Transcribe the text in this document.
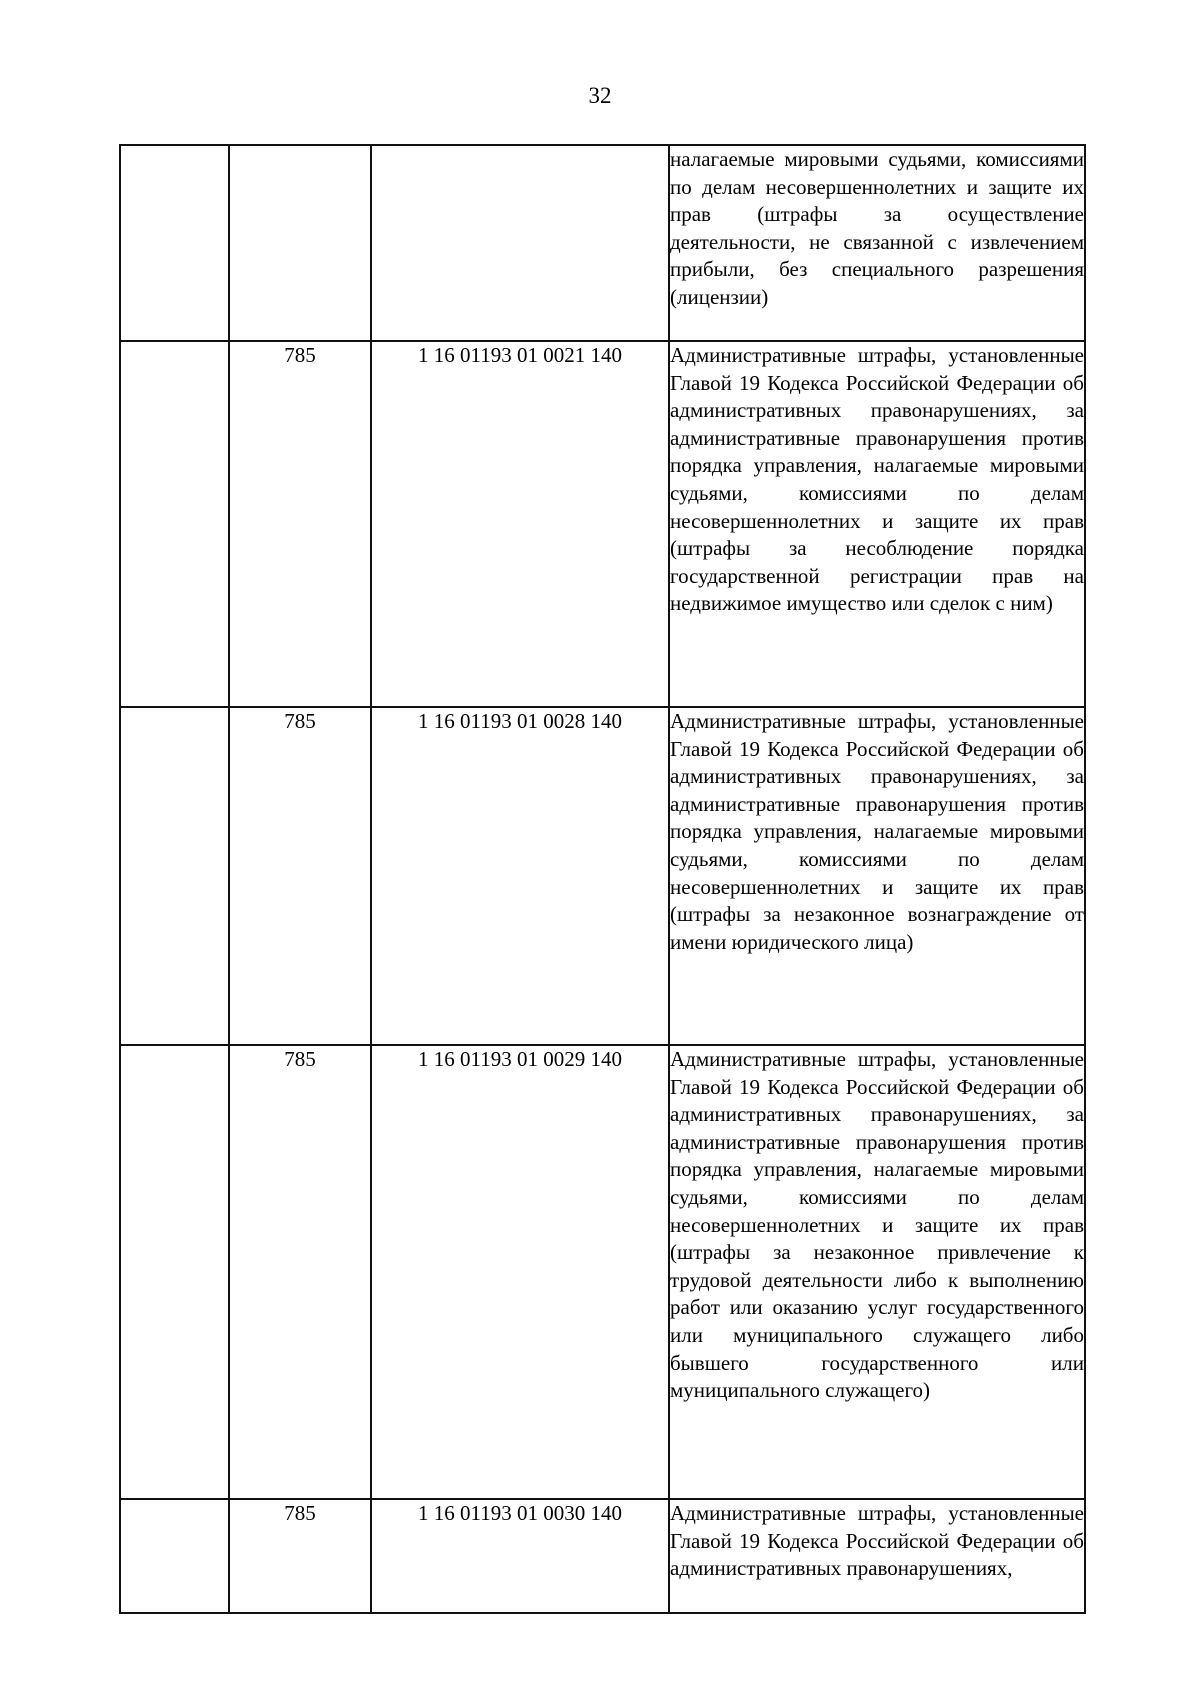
32

			налагаемые мировыми судьями, комиссиями по делам несовершеннолетних и защите их прав (штрафы за осуществление деятельности, не связанной с извлечением прибыли, без специального разрешения (лицензии)

	785	1 16 01193 01 0021 140	Административные штрафы, установленные Главой 19 Кодекса Российской Федерации об административных правонарушениях, за административные правонарушения против порядка управления, налагаемые мировыми судьями, комиссиями по делам несовершеннолетних и защите их прав (штрафы за несоблюдение порядка государственной регистрации прав на недвижимое имущество или сделок с ним)

	785	1 16 01193 01 0028 140	Административные штрафы, установленные Главой 19 Кодекса Российской Федерации об административных правонарушениях, за административные правонарушения против порядка управления, налагаемые мировыми судьями, комиссиями по делам несовершеннолетних и защите их прав (штрафы за незаконное вознаграждение от имени юридического лица)

	785	1 16 01193 01 0029 140	Административные штрафы, установленные Главой 19 Кодекса Российской Федерации об административных правонарушениях, за административные правонарушения против порядка управления, налагаемые мировыми судьями, комиссиями по делам несовершеннолетних и защите их прав (штрафы за незаконное привлечение к трудовой деятельности либо к выполнению работ или оказанию услуг государственного или муниципального служащего либо бывшего государственного или муниципального служащего)

	785	1 16 01193 01 0030 140	Административные штрафы, установленные Главой 19 Кодекса Российской Федерации об административных правонарушениях,
